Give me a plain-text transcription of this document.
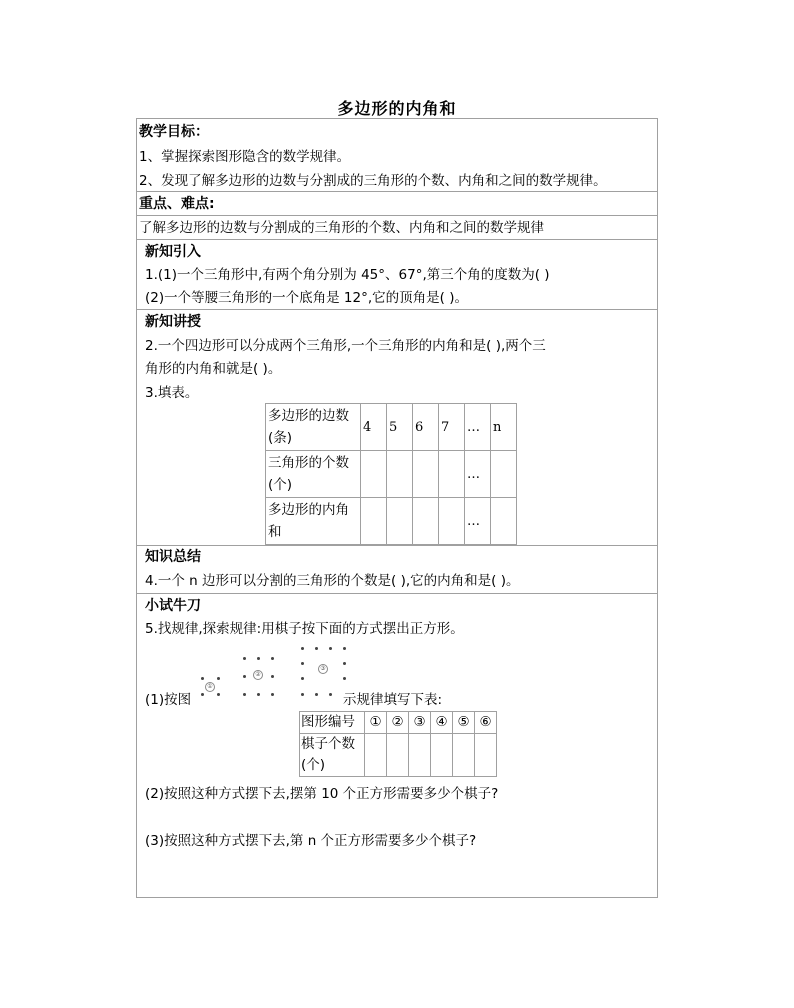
多边形的内角和
教学目标：
1、掌握探索图形隐含的数学规律。
2、发现了解多边形的边数与分割成的三角形的个数、内角和之间的数学规律。
重点、难点:
了解多边形的边数与分割成的三角形的个数、内角和之间的数学规律
新知引入
1.(1)一个三角形中,有两个角分别为 45°、67°,第三个角的度数为( )
(2)一个等腰三角形的一个底角是 12°,它的顶角是( )。
新知讲授
2.一个四边形可以分成两个三角形,一个三角形的内角和是( ),两个三
角形的内角和就是( )。
3.填表。
多边形的边数
(条)	4	5	6	7	…	n
三角形的个数
(个)					…	
多边形的内角
和					…	
知识总结
4.一个 n 边形可以分割的三角形的个数是( ),它的内角和是( )。
小试牛刀
5.找规律,探索规律:用棋子按下面的方式摆出正方形。
①
②
③
(1)按图	示规律填写下表:
图形编号	①	②	③	④	⑤	⑥
棋子个数
(个)						
(2)按照这种方式摆下去,摆第 10 个正方形需要多少个棋子?
(3)按照这种方式摆下去,第 n 个正方形需要多少个棋子?
